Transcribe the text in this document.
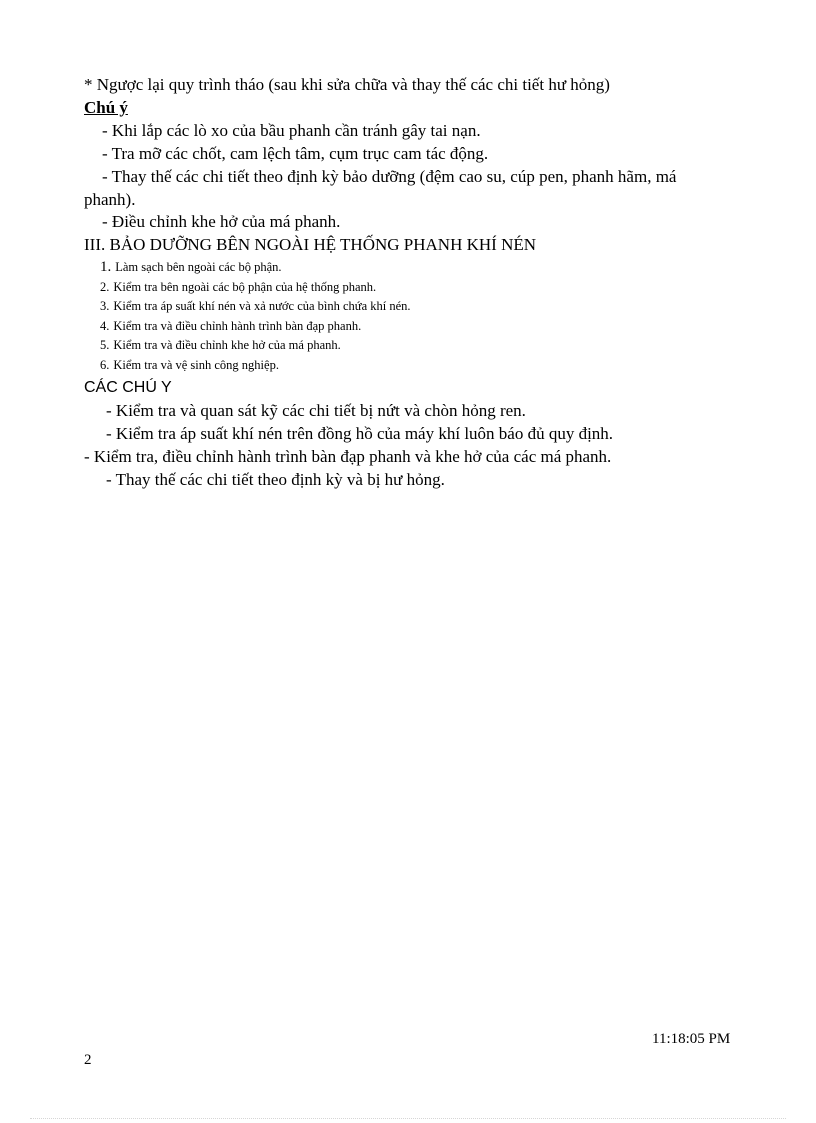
* Ngược lại quy trình tháo (sau khi sửa chữa và thay thế các chi tiết hư hỏng)
Chú ý
- Khi lắp các lò xo của bầu phanh cần tránh gây tai nạn.
- Tra mỡ các chốt, cam lệch tâm, cụm trục cam tác động.
- Thay thế các chi tiết theo định kỳ bảo dưỡng (đệm cao su, cúp pen, phanh hãm, má
phanh).
- Điều chỉnh khe hở của má phanh.
III. BẢO DƯỠNG BÊN NGOÀI HỆ THỐNG PHANH KHÍ NÉN
1. Làm sạch bên ngoài các bộ phận.
2. Kiểm tra bên ngoài các bộ phận của hệ thống phanh.
3. Kiểm tra áp suất khí nén và xả nước của bình chứa khí nén.
4. Kiểm tra và điều chỉnh hành trình bàn đạp phanh.
5. Kiểm tra và điều chỉnh khe hở của má phanh.
6. Kiểm tra và vệ sinh công nghiệp.
CÁC CHÚ Y
- Kiểm tra và quan sát kỹ các chi tiết bị nứt và chòn hỏng ren.
- Kiểm tra áp suất khí nén trên đồng hồ của máy khí luôn báo đủ quy định.
- Kiểm tra, điều chỉnh hành trình bàn đạp phanh và khe hở của các má phanh.
- Thay thế các chi tiết theo định kỳ và bị hư hỏng.
11:18:05 PM
2
